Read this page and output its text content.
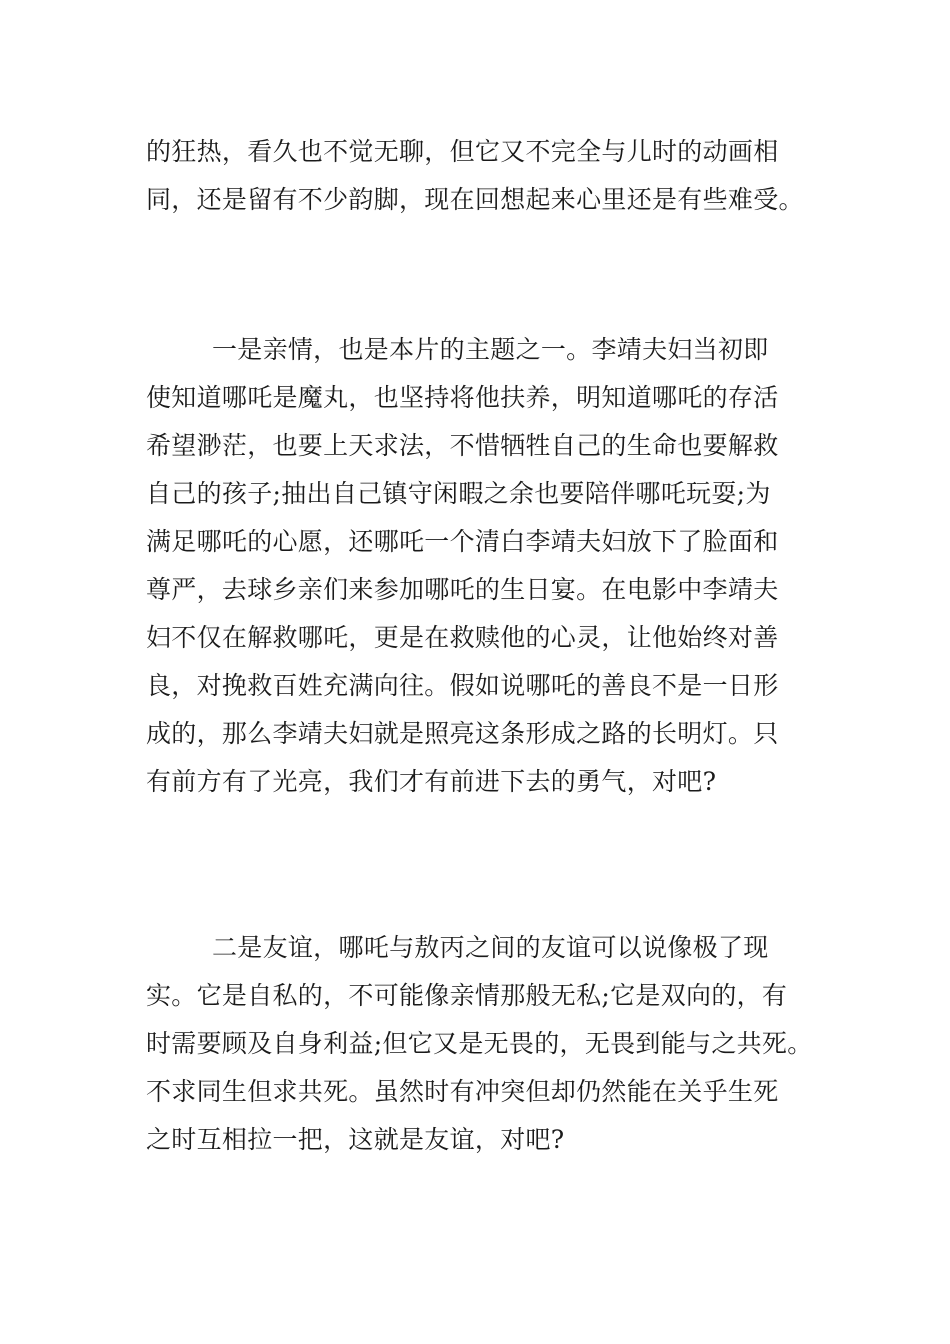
的狂热，看久也不觉无聊，但它又不完全与儿时的动画相
同，还是留有不少韵脚，现在回想起来心里还是有些难受。
一是亲情，也是本片的主题之一。李靖夫妇当初即
使知道哪吒是魔丸，也坚持将他扶养，明知道哪吒的存活
希望渺茫，也要上天求法，不惜牺牲自己的生命也要解救
自己的孩子;抽出自己镇守闲暇之余也要陪伴哪吒玩耍;为
满足哪吒的心愿，还哪吒一个清白李靖夫妇放下了脸面和
尊严，去球乡亲们来参加哪吒的生日宴。在电影中李靖夫
妇不仅在解救哪吒，更是在救赎他的心灵，让他始终对善
良，对挽救百姓充满向往。假如说哪吒的善良不是一日形
成的，那么李靖夫妇就是照亮这条形成之路的长明灯。只
有前方有了光亮，我们才有前进下去的勇气，对吧?
二是友谊，哪吒与敖丙之间的友谊可以说像极了现
实。它是自私的，不可能像亲情那般无私;它是双向的，有
时需要顾及自身利益;但它又是无畏的，无畏到能与之共死。
不求同生但求共死。虽然时有冲突但却仍然能在关乎生死
之时互相拉一把，这就是友谊，对吧?
